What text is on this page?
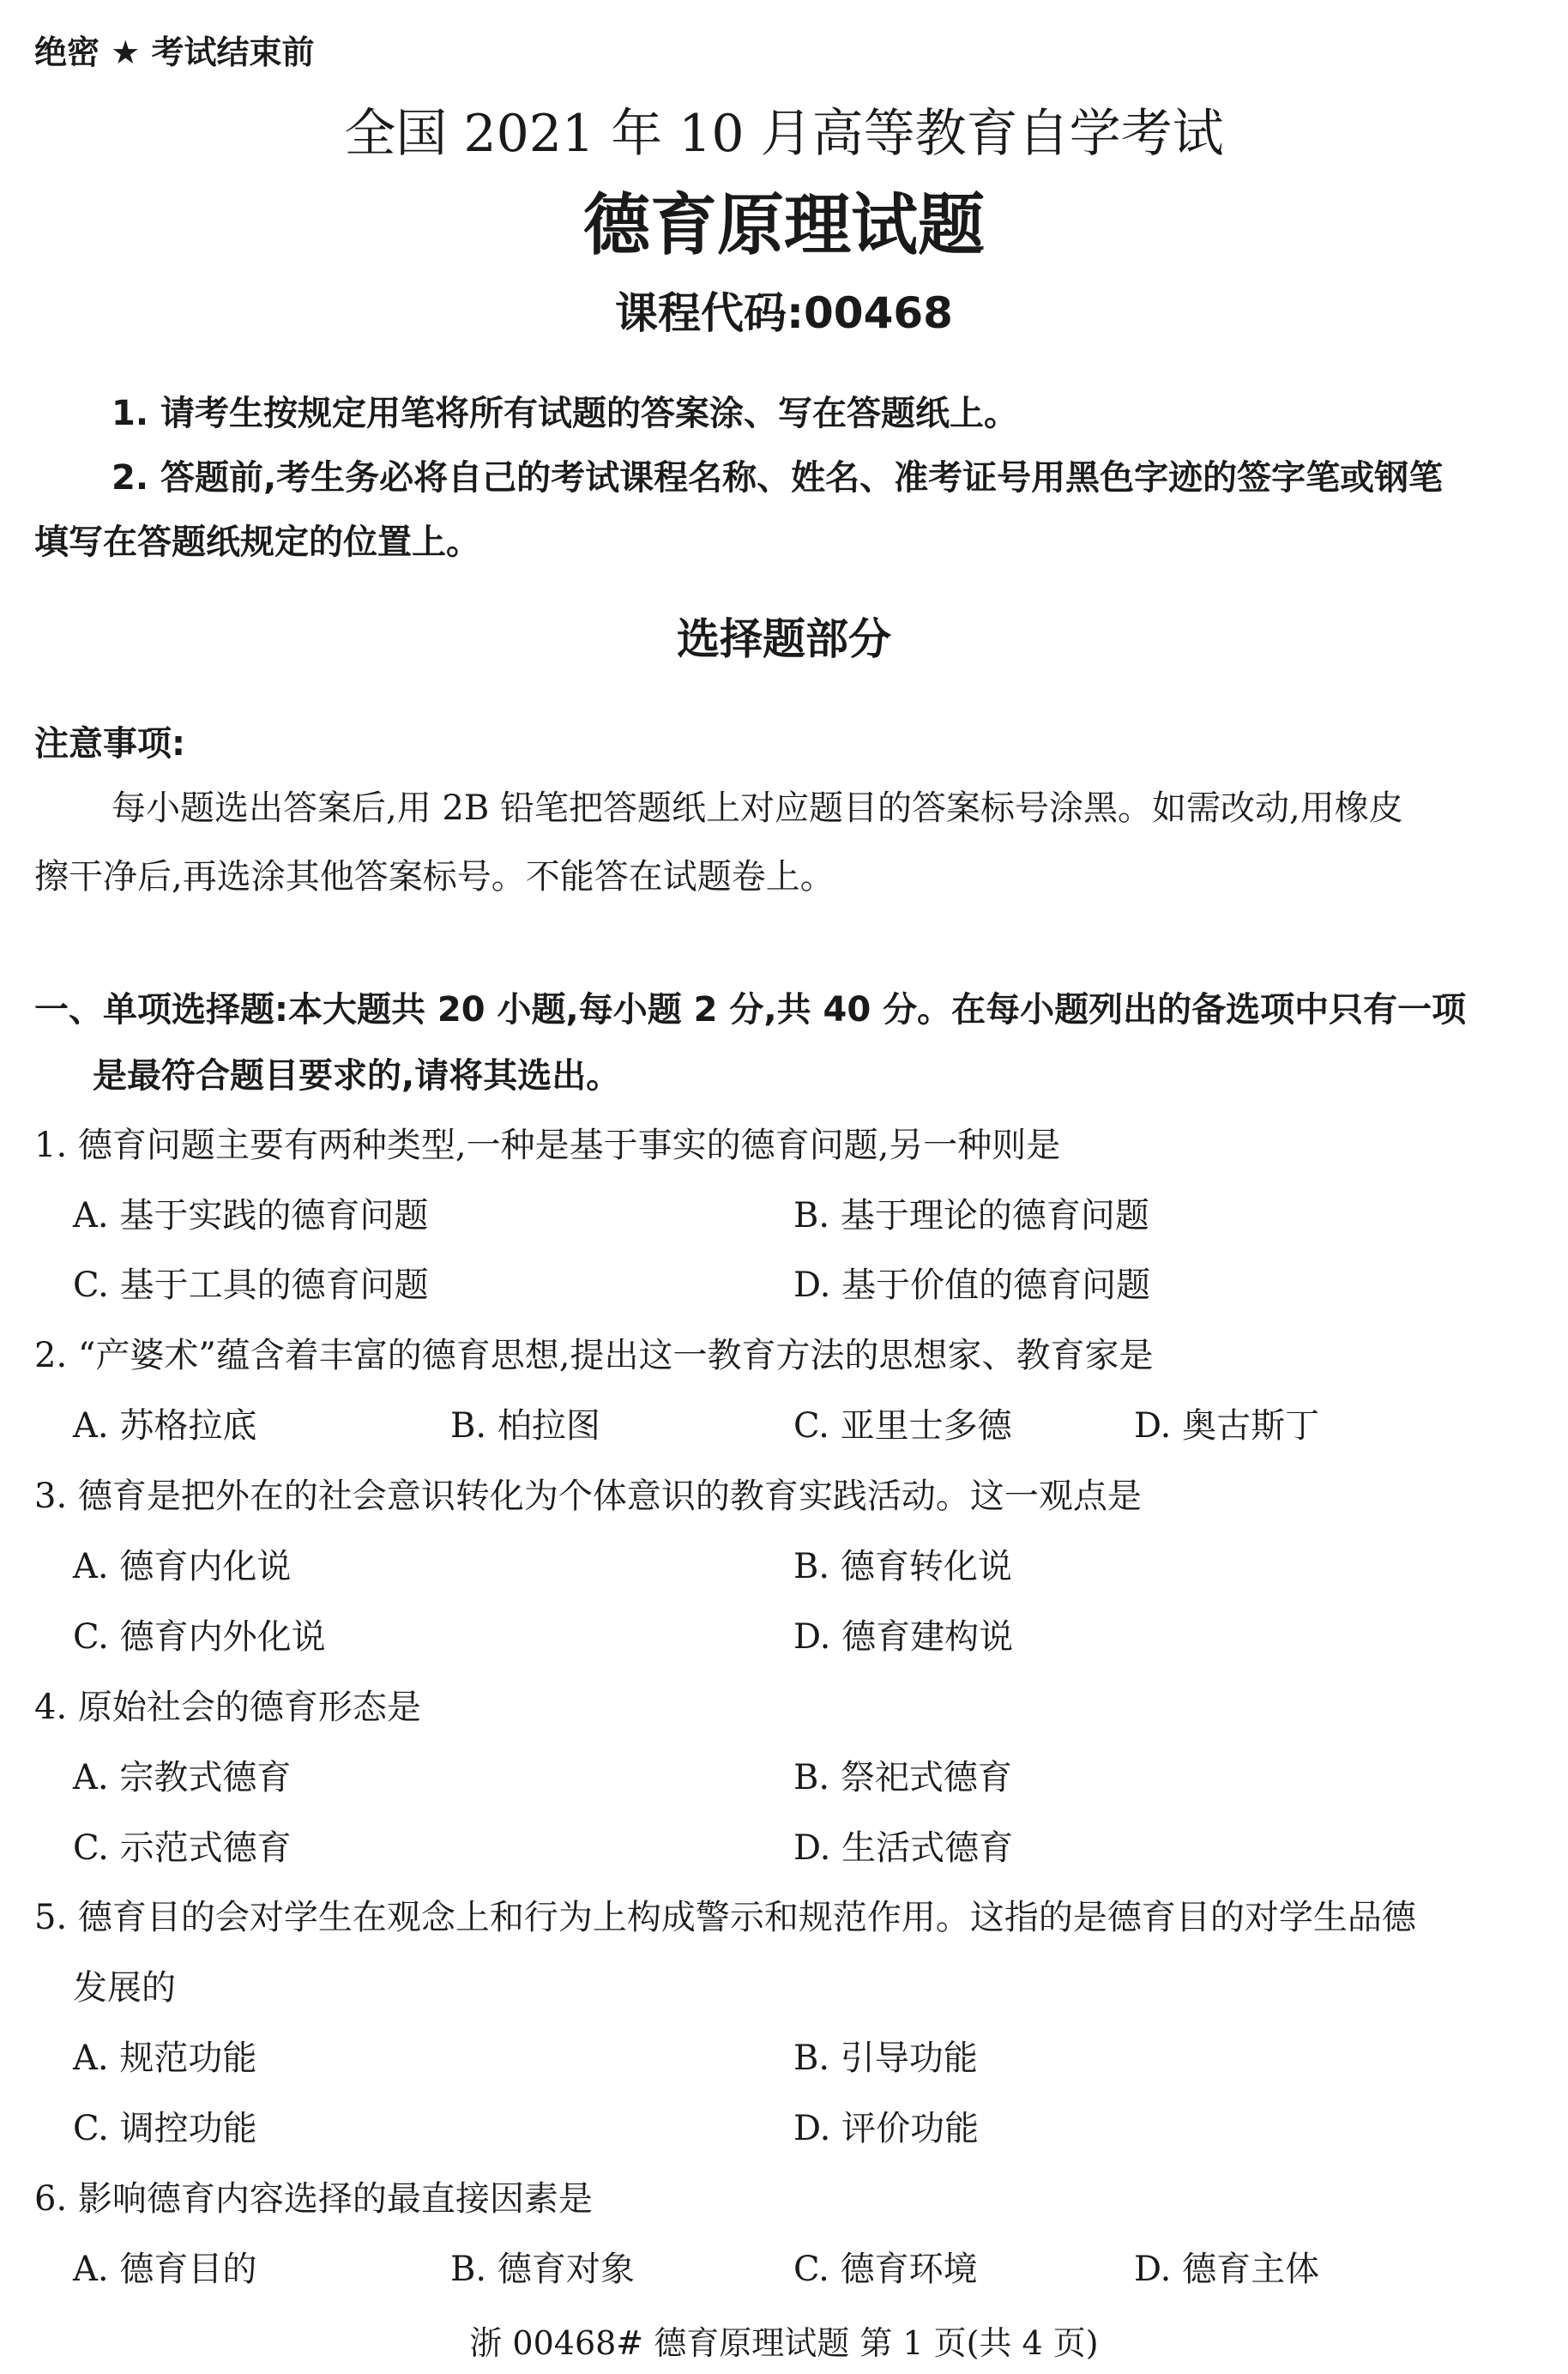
绝密 ★ 考试结束前
全国 2021 年 10 月高等教育自学考试
德育原理试题
课程代码:00468
1. 请考生按规定用笔将所有试题的答案涂、写在答题纸上。
2. 答题前,考生务必将自己的考试课程名称、姓名、准考证号用黑色字迹的签字笔或钢笔
填写在答题纸规定的位置上。
选择题部分
注意事项:
每小题选出答案后,用 2B 铅笔把答题纸上对应题目的答案标号涂黑。如需改动,用橡皮
擦干净后,再选涂其他答案标号。不能答在试题卷上。
一、单项选择题:本大题共 20 小题,每小题 2 分,共 40 分。在每小题列出的备选项中只有一项
是最符合题目要求的,请将其选出。
1. 德育问题主要有两种类型,一种是基于事实的德育问题,另一种则是
A. 基于实践的德育问题	B. 基于理论的德育问题
C. 基于工具的德育问题	D. 基于价值的德育问题
2. “产婆术”蕴含着丰富的德育思想,提出这一教育方法的思想家、教育家是
A. 苏格拉底	B. 柏拉图	C. 亚里士多德	D. 奥古斯丁
3. 德育是把外在的社会意识转化为个体意识的教育实践活动。这一观点是
A. 德育内化说	B. 德育转化说
C. 德育内外化说	D. 德育建构说
4. 原始社会的德育形态是
A. 宗教式德育	B. 祭祀式德育
C. 示范式德育	D. 生活式德育
5. 德育目的会对学生在观念上和行为上构成警示和规范作用。这指的是德育目的对学生品德
发展的
A. 规范功能	B. 引导功能
C. 调控功能	D. 评价功能
6. 影响德育内容选择的最直接因素是
A. 德育目的	B. 德育对象	C. 德育环境	D. 德育主体
浙 00468# 德育原理试题 第 1 页(共 4 页)
